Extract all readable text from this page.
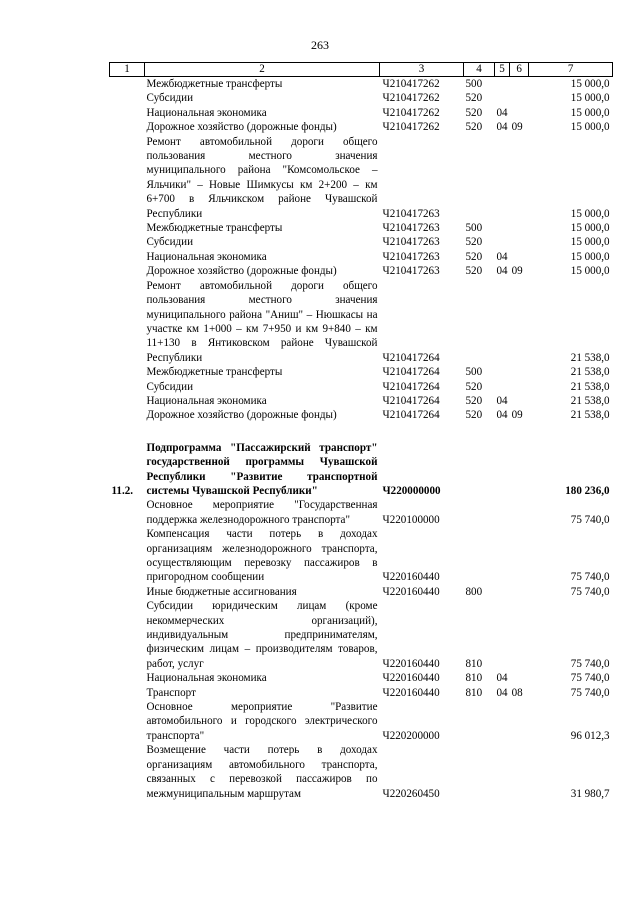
263
1	2	3	4	5	6	7
	Межбюджетные трансферты	Ч210417262	500			15 000,0
	Субсидии	Ч210417262	520			15 000,0
	Национальная экономика	Ч210417262	520	04		15 000,0
	Дорожное хозяйство (дорожные фонды)	Ч210417262	520	04	09	15 000,0
	Ремонт автомобильной дороги общего пользования местного значения муниципального района "Комсомольское – Яльчики" – Новые Шимкусы км 2+200 – км 6+700 в Яльчикском районе Чувашской Республики	Ч210417263				15 000,0
	Межбюджетные трансферты	Ч210417263	500			15 000,0
	Субсидии	Ч210417263	520			15 000,0
	Национальная экономика	Ч210417263	520	04		15 000,0
	Дорожное хозяйство (дорожные фонды)	Ч210417263	520	04	09	15 000,0
	Ремонт автомобильной дороги общего пользования местного значения муниципального района "Аниш" – Нюшкасы на участке км 1+000 – км 7+950 и км 9+840 – км 11+130 в Янтиковском районе Чувашской Республики	Ч210417264				21 538,0
	Межбюджетные трансферты	Ч210417264	500			21 538,0
	Субсидии	Ч210417264	520			21 538,0
	Национальная экономика	Ч210417264	520	04		21 538,0
	Дорожное хозяйство (дорожные фонды)	Ч210417264	520	04	09	21 538,0

11.2.	Подпрограмма "Пассажирский транспорт" государственной программы Чувашской Республики "Развитие транспортной системы Чувашской Республики"	Ч220000000				180 236,0
	Основное мероприятие "Государственная поддержка железнодорожного транспорта"	Ч220100000				75 740,0
	Компенсация части потерь в доходах организациям железнодорожного транспорта, осуществляющим перевозку пассажиров в пригородном сообщении	Ч220160440				75 740,0
	Иные бюджетные ассигнования	Ч220160440	800			75 740,0
	Субсидии юридическим лицам (кроме некоммерческих организаций), индивидуальным предпринимателям, физическим лицам – производителям товаров, работ, услуг	Ч220160440	810			75 740,0
	Национальная экономика	Ч220160440	810	04		75 740,0
	Транспорт	Ч220160440	810	04	08	75 740,0
	Основное мероприятие "Развитие автомобильного и городского электрического транспорта"	Ч220200000				96 012,3
	Возмещение части потерь в доходах организациям автомобильного транспорта, связанных с перевозкой пассажиров по межмуниципальным маршрутам	Ч220260450				31 980,7
